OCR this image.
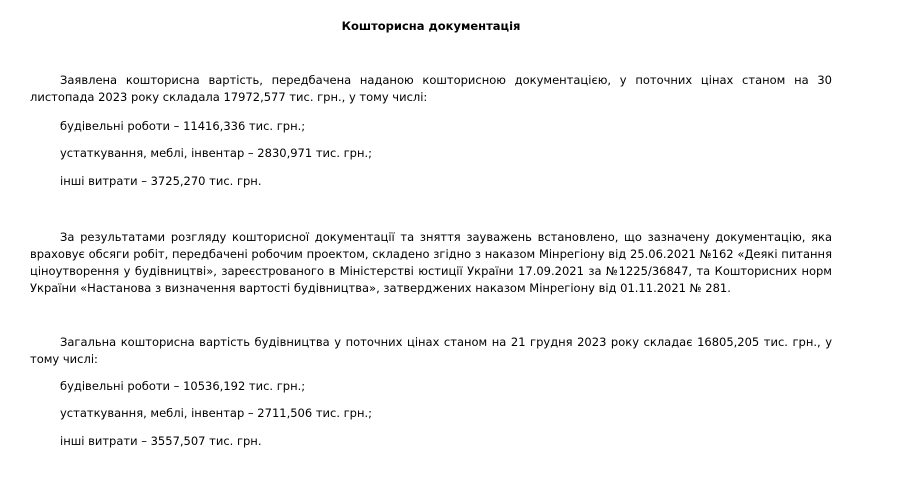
Кошторисна документація
Заявлена кошторисна вартість, передбачена наданою кошторисною документацією, у поточних цінах станом на 30 листопада 2023 року складала 17972,577 тис. грн., у тому числі:
будівельні роботи – 11416,336 тис. грн.;
устаткування, меблі, інвентар – 2830,971 тис. грн.;
інші витрати – 3725,270 тис. грн.
За результатами розгляду кошторисної документації та зняття зауважень встановлено, що зазначену документацію, яка враховує обсяги робіт, передбачені робочим проектом, складено згідно з наказом Мінрегіону від 25.06.2021 №162 «Деякі питання ціноутворення у будівництві», зареєстрованого в Міністерстві юстиції України 17.09.2021 за №1225/36847, та Кошторисних норм України «Настанова з визначення вартості будівництва», затверджених наказом Мінрегіону від 01.11.2021 № 281.
Загальна кошторисна вартість будівництва у поточних цінах станом на 21 грудня 2023 року складає 16805,205 тис. грн., у тому числі:
будівельні роботи – 10536,192 тис. грн.;
устаткування, меблі, інвентар – 2711,506 тис. грн.;
інші витрати – 3557,507 тис. грн.
